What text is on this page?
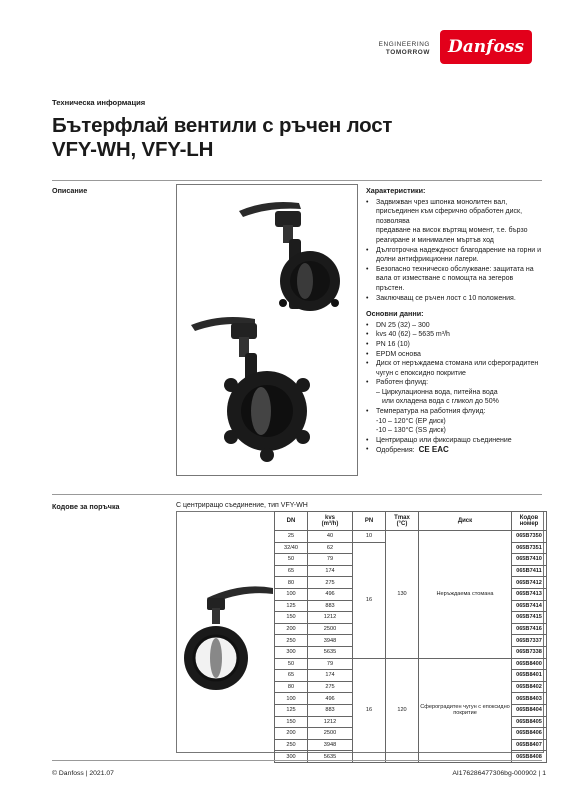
ENGINEERING
TOMORROW	Danfoss
Техническа информация
Бътерфлай вентили с ръчен лост
VFY-WH, VFY-LH
Описание	Характеристики:
• Задвижван чрез шпонка монолитен вал, присъединен към сферично обработен диск, позволява
предаване на висок въртящ момент, т.е. бързо реагиране и минимален мъртъв ход
• Дълготрочна надеждност благодарение на горни и долни антифрикционни лагери.
• Безопасно техническо обслужване: защитата на вала от изместване с помощта на зегеров пръстен.
• Заключващ се ръчен лост с 10 положения.
Основни данни:
• DN 25 (32) – 300
• kvs 40 (62) – 5635 m³/h
• PN 16 (10)
• EPDM основа
• Диск от неръждаема стомана или сфероградитен чугун с епоксидно покритие
• Работен флуид:
– Циркулационна вода, питейна вода
или охладена вода с гликол до 50%
• Температура на работния флуид:
-10 – 120°C (EP диск)
-10 – 130°C (SS диск)
• Центриращо или фиксиращо съединение
• Одобрения: CE EAC
Кодове за поръчка	С центриращо съединение, тип VFY-WH
DN	kvs
(m³/h)	PN	Tmax
(°C)	Диск	Кодов номер
25	40	10	130	Неръждаема стомана	065B7350
32/40	62	16			065B7351
50	79				065B7410
65	174				065B7411
80	275				065B7412
100	496				065B7413
125	883				065B7414
150	1212				065B7415
200	2500				065B7416
250	3948				065B7337
300	5635				065B7338
50	79	16	120	Сфероградитен чугун с епоксидно покритие	065B8400
65	174				065B8401
80	275				065B8402
100	496				065B8403
125	883				065B8404
150	1212				065B8405
200	2500				065B8406
250	3948				065B8407
300	5635				065B8408
© Danfoss | 2021.07	AI176286477306bg-000902 | 1
